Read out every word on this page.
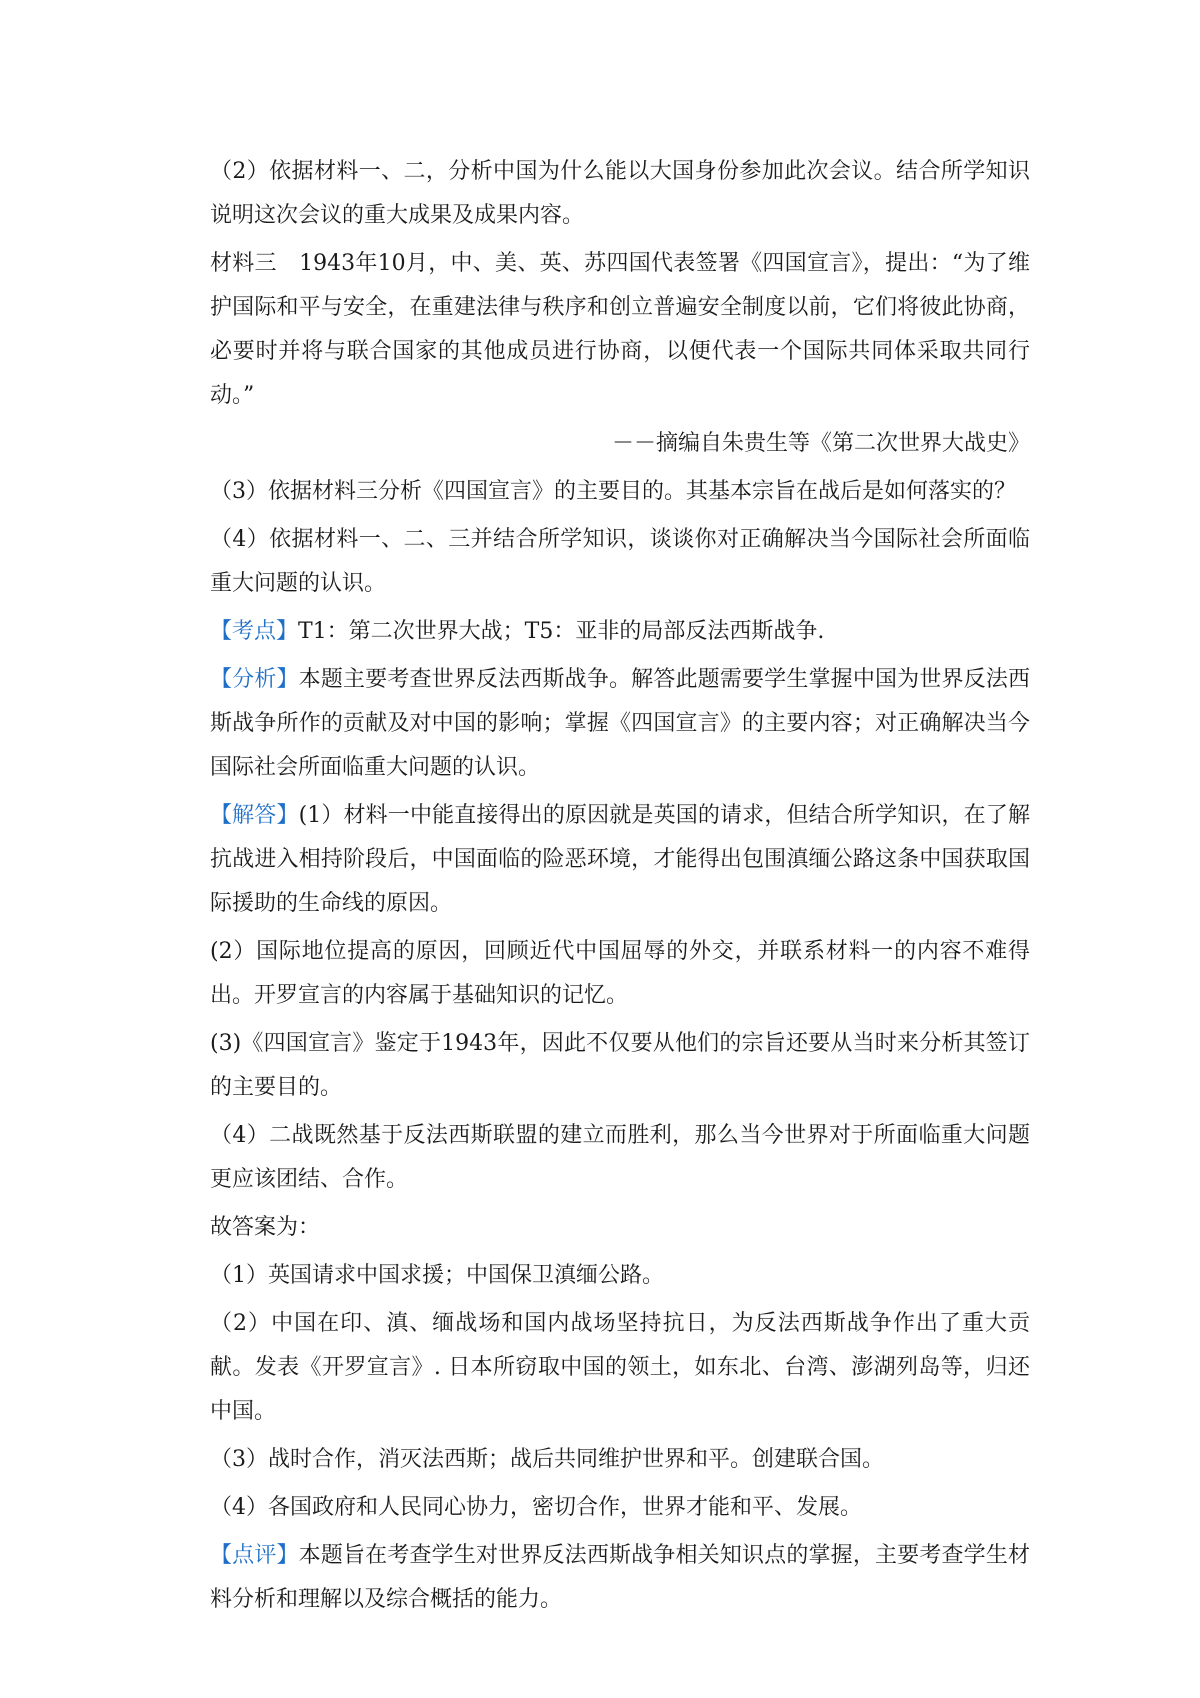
（2）依据材料一、二，分析中国为什么能以大国身份参加此次会议。结合所学知识说明这次会议的重大成果及成果内容。

材料三　1943年10月，中、美、英、苏四国代表签署《四国宣言》，提出：“为了维护国际和平与安全，在重建法律与秩序和创立普遍安全制度以前，它们将彼此协商，必要时并将与联合国家的其他成员进行协商，以便代表一个国际共同体采取共同行动。”

－－摘编自朱贵生等《第二次世界大战史》

（3）依据材料三分析《四国宣言》的主要目的。其基本宗旨在战后是如何落实的？

（4）依据材料一、二、三并结合所学知识，谈谈你对正确解决当今国际社会所面临重大问题的认识。

【考点】T1：第二次世界大战；T5：亚非的局部反法西斯战争.

【分析】本题主要考查世界反法西斯战争。解答此题需要学生掌握中国为世界反法西斯战争所作的贡献及对中国的影响；掌握《四国宣言》的主要内容；对正确解决当今国际社会所面临重大问题的认识。

【解答】(1）材料一中能直接得出的原因就是英国的请求，但结合所学知识，在了解抗战进入相持阶段后，中国面临的险恶环境，才能得出包围滇缅公路这条中国获取国际援助的生命线的原因。

(2）国际地位提高的原因，回顾近代中国屈辱的外交，并联系材料一的内容不难得出。开罗宣言的内容属于基础知识的记忆。

(3)《四国宣言》鉴定于1943年，因此不仅要从他们的宗旨还要从当时来分析其签订的主要目的。

（4）二战既然基于反法西斯联盟的建立而胜利，那么当今世界对于所面临重大问题更应该团结、合作。

故答案为：

（1）英国请求中国求援；中国保卫滇缅公路。

（2）中国在印、滇、缅战场和国内战场坚持抗日，为反法西斯战争作出了重大贡献。发表《开罗宣言》. 日本所窃取中国的领土，如东北、台湾、澎湖列岛等，归还中国。

（3）战时合作，消灭法西斯；战后共同维护世界和平。创建联合国。

（4）各国政府和人民同心协力，密切合作，世界才能和平、发展。

【点评】本题旨在考查学生对世界反法西斯战争相关知识点的掌握，主要考查学生材料分析和理解以及综合概括的能力。
